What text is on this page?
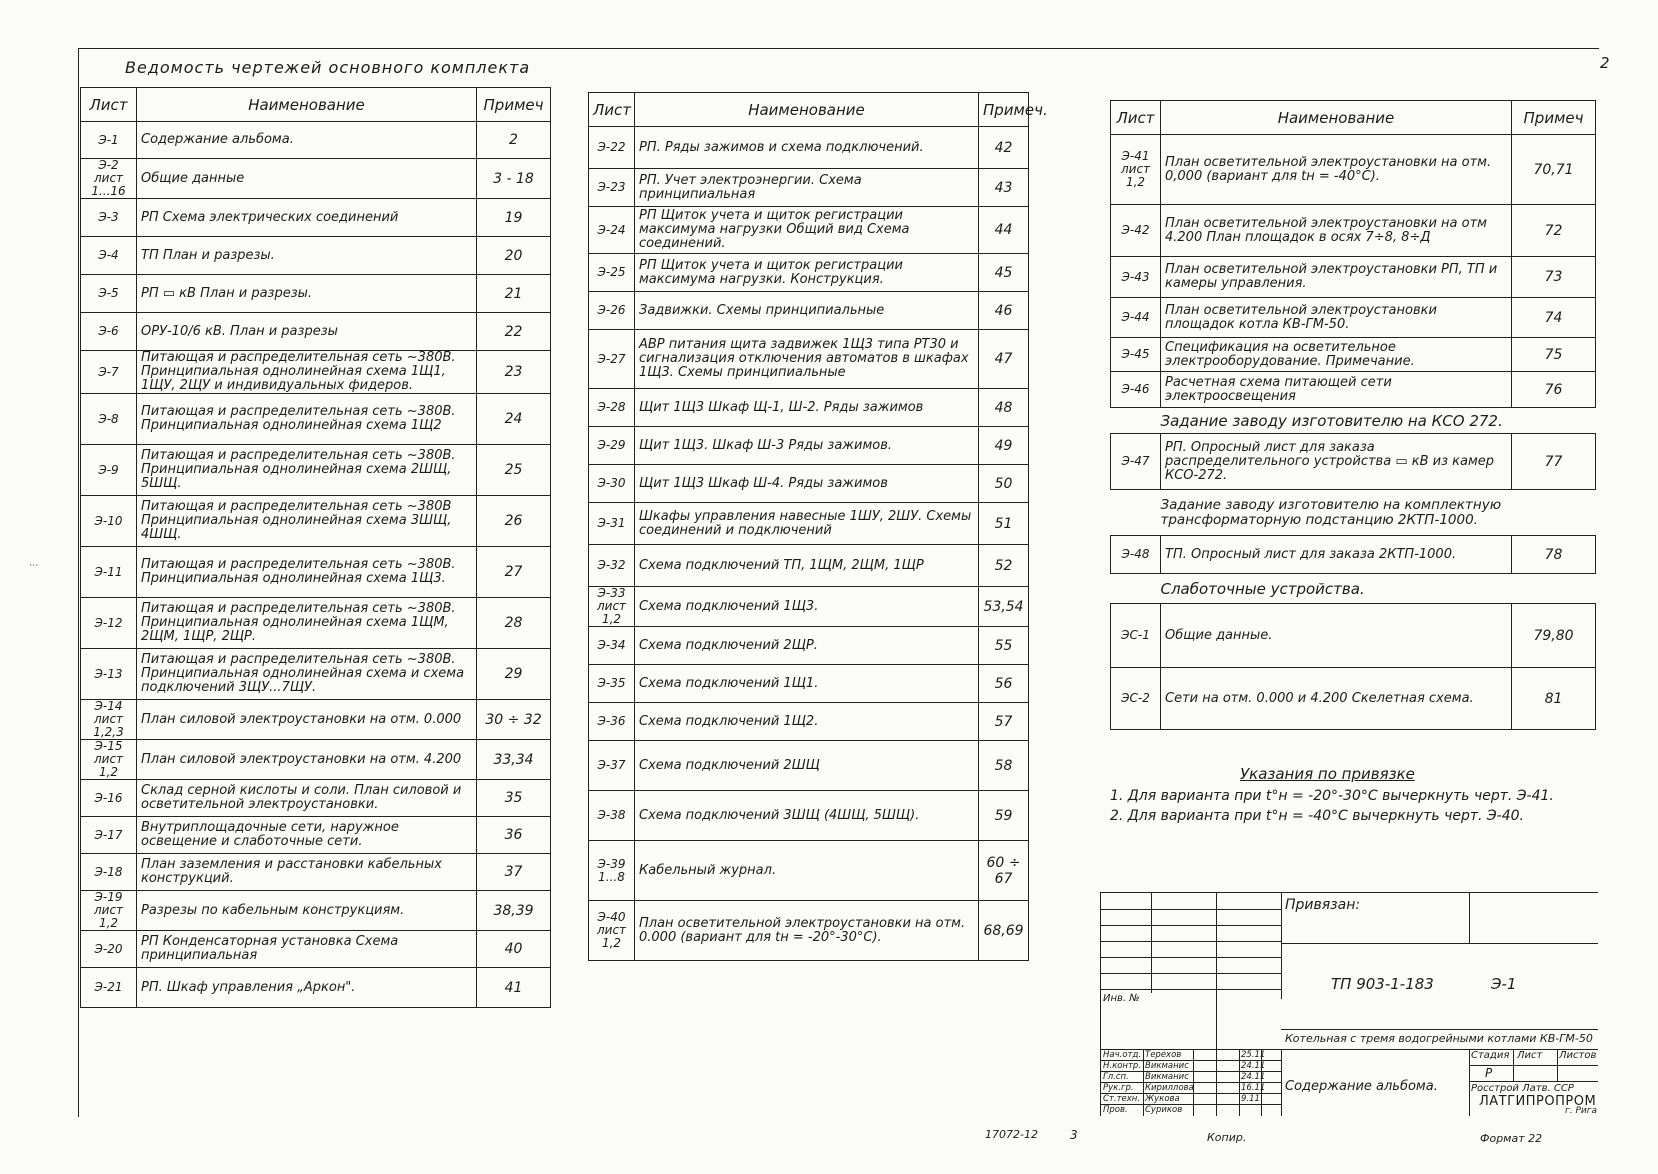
2
Ведомость чертежей основного комплекта
⋮
Лист	Наименование	Примеч
Э-1	Содержание альбома.	2
Э-2 лист 1...16	Общие данные	3 - 18
Э-3	РП Схема электрических соединений	19
Э-4	ТП План и разрезы.	20
Э-5	РП ▭ кВ План и разрезы.	21
Э-6	ОРУ-10/6 кВ. План и разрезы	22
Э-7	Питающая и распределительная сеть ~380В. Принципиальная однолинейная схема 1Щ1, 1ЩУ, 2ЩУ и индивидуальных фидеров.	23
Э-8	Питающая и распределительная сеть ~380В. Принципиальная однолинейная схема 1Щ2	24
Э-9	Питающая и распределительная сеть ~380В. Принципиальная однолинейная схема 2ШЩ, 5ШЩ.	25
Э-10	Питающая и распределительная сеть ~380В Принципиальная однолинейная схема 3ШЩ, 4ШЩ.	26
Э-11	Питающая и распределительная сеть ~380В. Принципиальная однолинейная схема 1Щ3.	27
Э-12	Питающая и распределительная сеть ~380В. Принципиальная однолинейная схема 1ЩМ, 2ЩМ, 1ЩР, 2ЩР.	28
Э-13	Питающая и распределительная сеть ~380В. Принципиальная однолинейная схема и схема подключений 3ЩУ...7ЩУ.	29
Э-14 лист 1,2,3	План силовой электроустановки на отм. 0.000	30 ÷ 32
Э-15 лист 1,2	План силовой электроустановки на отм. 4.200	33,34
Э-16	Склад серной кислоты и соли. План силовой и осветительной электроустановки.	35
Э-17	Внутриплощадочные сети, наружное освещение и слаботочные сети.	36
Э-18	План заземления и расстановки кабельных конструкций.	37
Э-19 лист 1,2	Разрезы по кабельным конструкциям.	38,39
Э-20	РП Конденсаторная установка Схема принципиальная	40
Э-21	РП. Шкаф управления „Аркон".	41
Лист	Наименование	Примеч.
Э-22	РП. Ряды зажимов и схема подключений.	42
Э-23	РП. Учет электроэнергии. Схема принципиальная	43
Э-24	РП Щиток учета и щиток регистрации максимума нагрузки Общий вид Схема соединений.	44
Э-25	РП Щиток учета и щиток регистрации максимума нагрузки. Конструкция.	45
Э-26	Задвижки. Схемы принципиальные	46
Э-27	АВР питания щита задвижек 1Щ3 типа РТ30 и сигнализация отключения автоматов в шкафах 1Щ3. Схемы принципиальные	47
Э-28	Щит 1Щ3 Шкаф Щ-1, Ш-2. Ряды зажимов	48
Э-29	Щит 1Щ3. Шкаф Ш-3 Ряды зажимов.	49
Э-30	Щит 1Щ3 Шкаф Ш-4. Ряды зажимов	50
Э-31	Шкафы управления навесные 1ШУ, 2ШУ. Схемы соединений и подключений	51
Э-32	Схема подключений ТП, 1ЩМ, 2ЩМ, 1ЩР	52
Э-33 лист 1,2	Схема подключений 1Щ3.	53,54
Э-34	Схема подключений 2ЩР.	55
Э-35	Схема подключений 1Щ1.	56
Э-36	Схема подключений 1Щ2.	57
Э-37	Схема подключений 2ШЩ	58
Э-38	Схема подключений 3ШЩ (4ШЩ, 5ШЩ).	59
Э-39 1...8	Кабельный журнал.	60 ÷ 67
Э-40 лист 1,2	План осветительной электроустановки на отм. 0.000 (вариант для tн = -20°-30°С).	68,69
Лист	Наименование	Примеч
Э-41 лист 1,2	План осветительной электроустановки на отм. 0,000 (вариант для tн = -40°С).	70,71
Э-42	План осветительной электроустановки на отм 4.200 План площадок в осях 7÷8, 8÷Д	72
Э-43	План осветительной электроустановки РП, ТП и камеры управления.	73
Э-44	План осветительной электроустановки площадок котла КВ-ГМ-50.	74
Э-45	Спецификация на осветительное электрооборудование. Примечание.	75
Э-46	Расчетная схема питающей сети электроосвещения	76
Задание заводу изготовителю на КСО 272.		
Э-47	РП. Опросный лист для заказа распределительного устройства ▭ кВ из камер КСО-272.	77
Задание заводу изготовителю на комплектную трансформаторную подстанцию 2КТП-1000.		
Э-48	ТП. Опросный лист для заказа 2КТП-1000.	78
Слаботочные устройства.		
ЭС-1	Общие данные.	79,80
ЭС-2	Сети на отм. 0.000 и 4.200 Скелетная схема.	81
Указания по привязке
1. Для варианта при t°н = -20°-30°С вычеркнуть черт. Э-41.
2. Для варианта при t°н = -40°С вычеркнуть черт. Э-40.
Привязан:
Инв. №
ТП 903-1-183	Э-1
Котельная с тремя водогрейными котлами КВ-ГМ-50
Стадия Лист Листов
Р
Содержание альбома.	Росстрой Латв. ССР
ЛАТГИПРОПРОМ
г. Рига
Нач.отд. Терехов	25.11
Н.контр. Викманис	24.11
Гл.сп. Викманис	24.11
Рук.гр. Кириллова	16.11
Ст.техн. Жукова	9.11
Пров. Суриков
17072-12	3	Копир.	Формат 22
